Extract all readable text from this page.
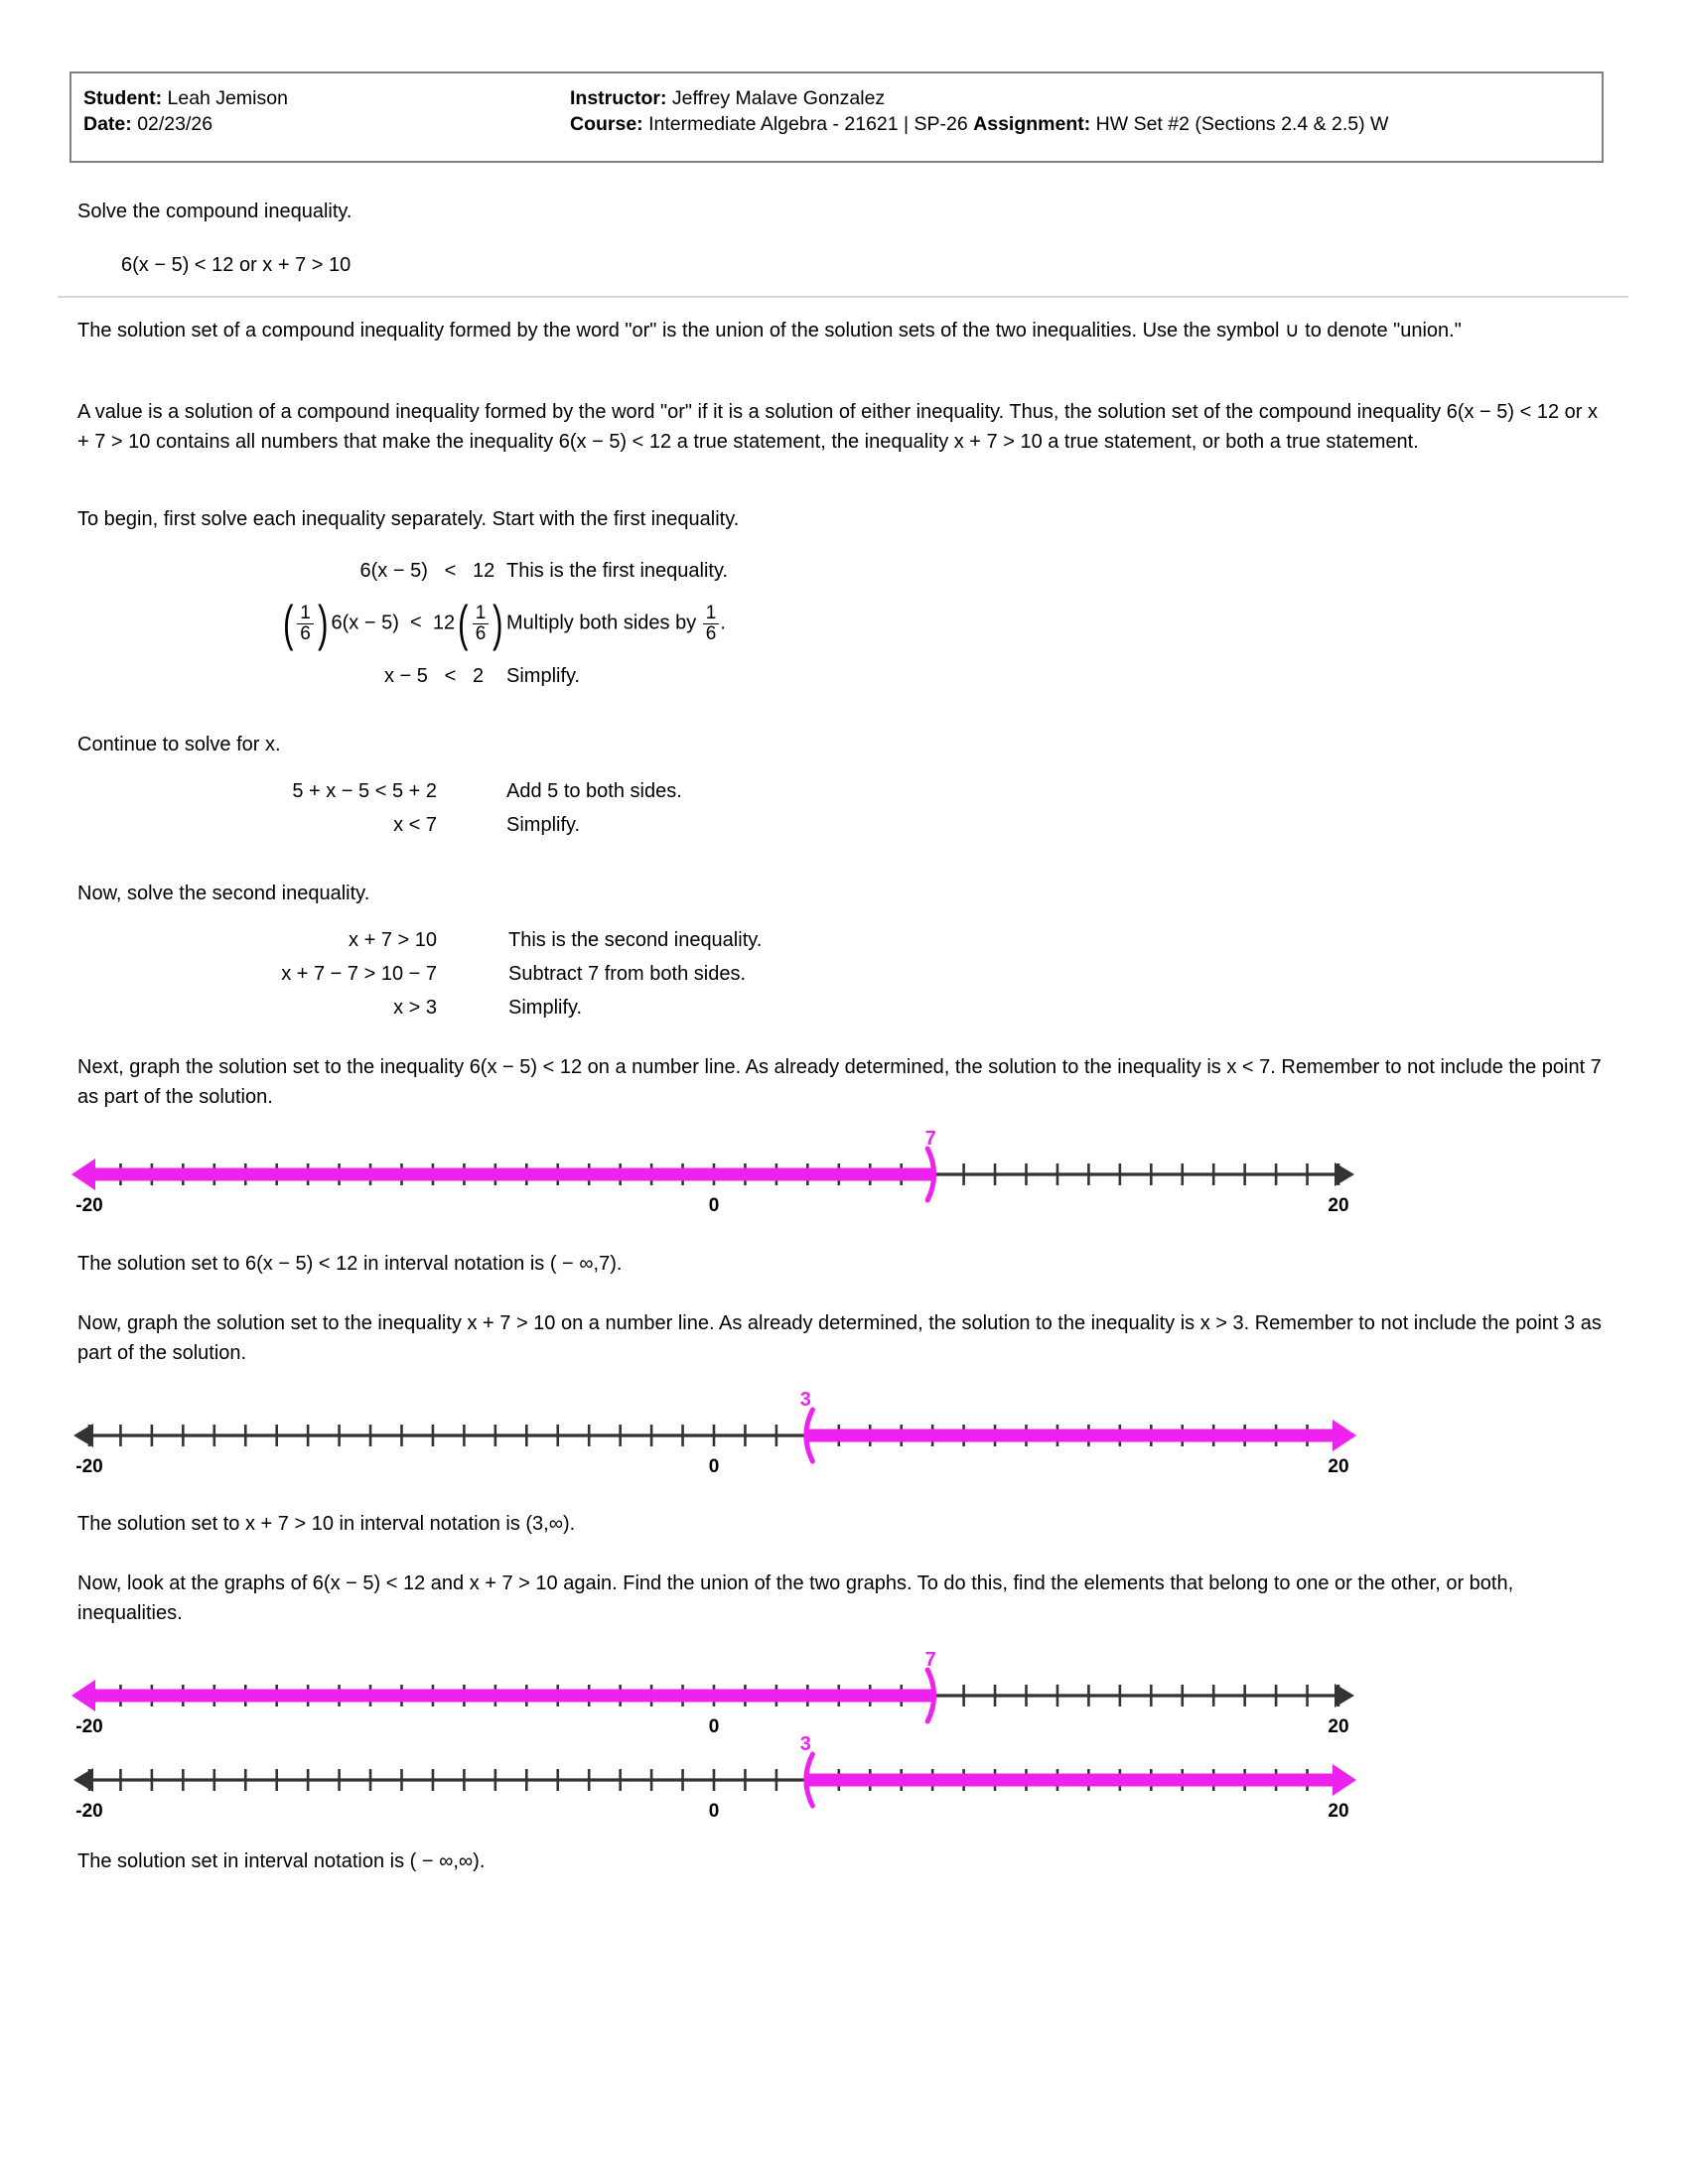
Student: Leah Jemison
Date: 02/23/26
Instructor: Jeffrey Malave Gonzalez
Course: Intermediate Algebra - 21621 | SP-26 Assignment: HW Set #2 (Sections 2.4 & 2.5) W
Solve the compound inequality.
6(x − 5) < 12 or x + 7 > 10
The solution set of a compound inequality formed by the word "or" is the union of the solution sets of the two inequalities. Use the symbol ∪ to denote "union."
A value is a solution of a compound inequality formed by the word "or" if it is a solution of either inequality. Thus, the solution set of the compound inequality 6(x − 5) < 12 or x + 7 > 10 contains all numbers that make the inequality 6(x − 5) < 12 a true statement, the inequality x + 7 > 10 a true statement, or both a true statement.
To begin, first solve each inequality separately. Start with the first inequality.
6(x − 5) < 12	This is the first inequality.
( $\frac{1}{6}$ ) $6(x - 5) < 12( \frac{1}{6}$ )	Multiply both sides by $\frac{1}{6}$ .
x − 5 < 2	Simplify.
Continue to solve for x.
5 + x − 5 < 5 + 2	Add 5 to both sides.
x < 7	Simplify.
Now, solve the second inequality.
x + 7 > 10	This is the second inequality.
x + 7 − 7 > 10 − 7	Subtract 7 from both sides.
x > 3	Simplify.
Next, graph the solution set to the inequality 6(x − 5) < 12 on a number line. As already determined, the solution to the inequality is x < 7. Remember to not include the point 7 as part of the solution.
7
0	20
-20
The solution set to 6(x − 5) < 12 in interval notation is ( − ∞,7).
Now, graph the solution set to the inequality x + 7 > 10 on a number line. As already determined, the solution to the inequality is x > 3. Remember to not include the point 3 as part of the solution.
3
0	20
-20
The solution set to x + 7 > 10 in interval notation is (3,∞).
Now, look at the graphs of 6(x − 5) < 12 and x + 7 > 10 again. Find the union of the two graphs. To do this, find the elements that belong to one or the other, or both, inequalities.
7
0	20
-20
3
0	20
-20
The solution set in interval notation is ( − ∞,∞).
